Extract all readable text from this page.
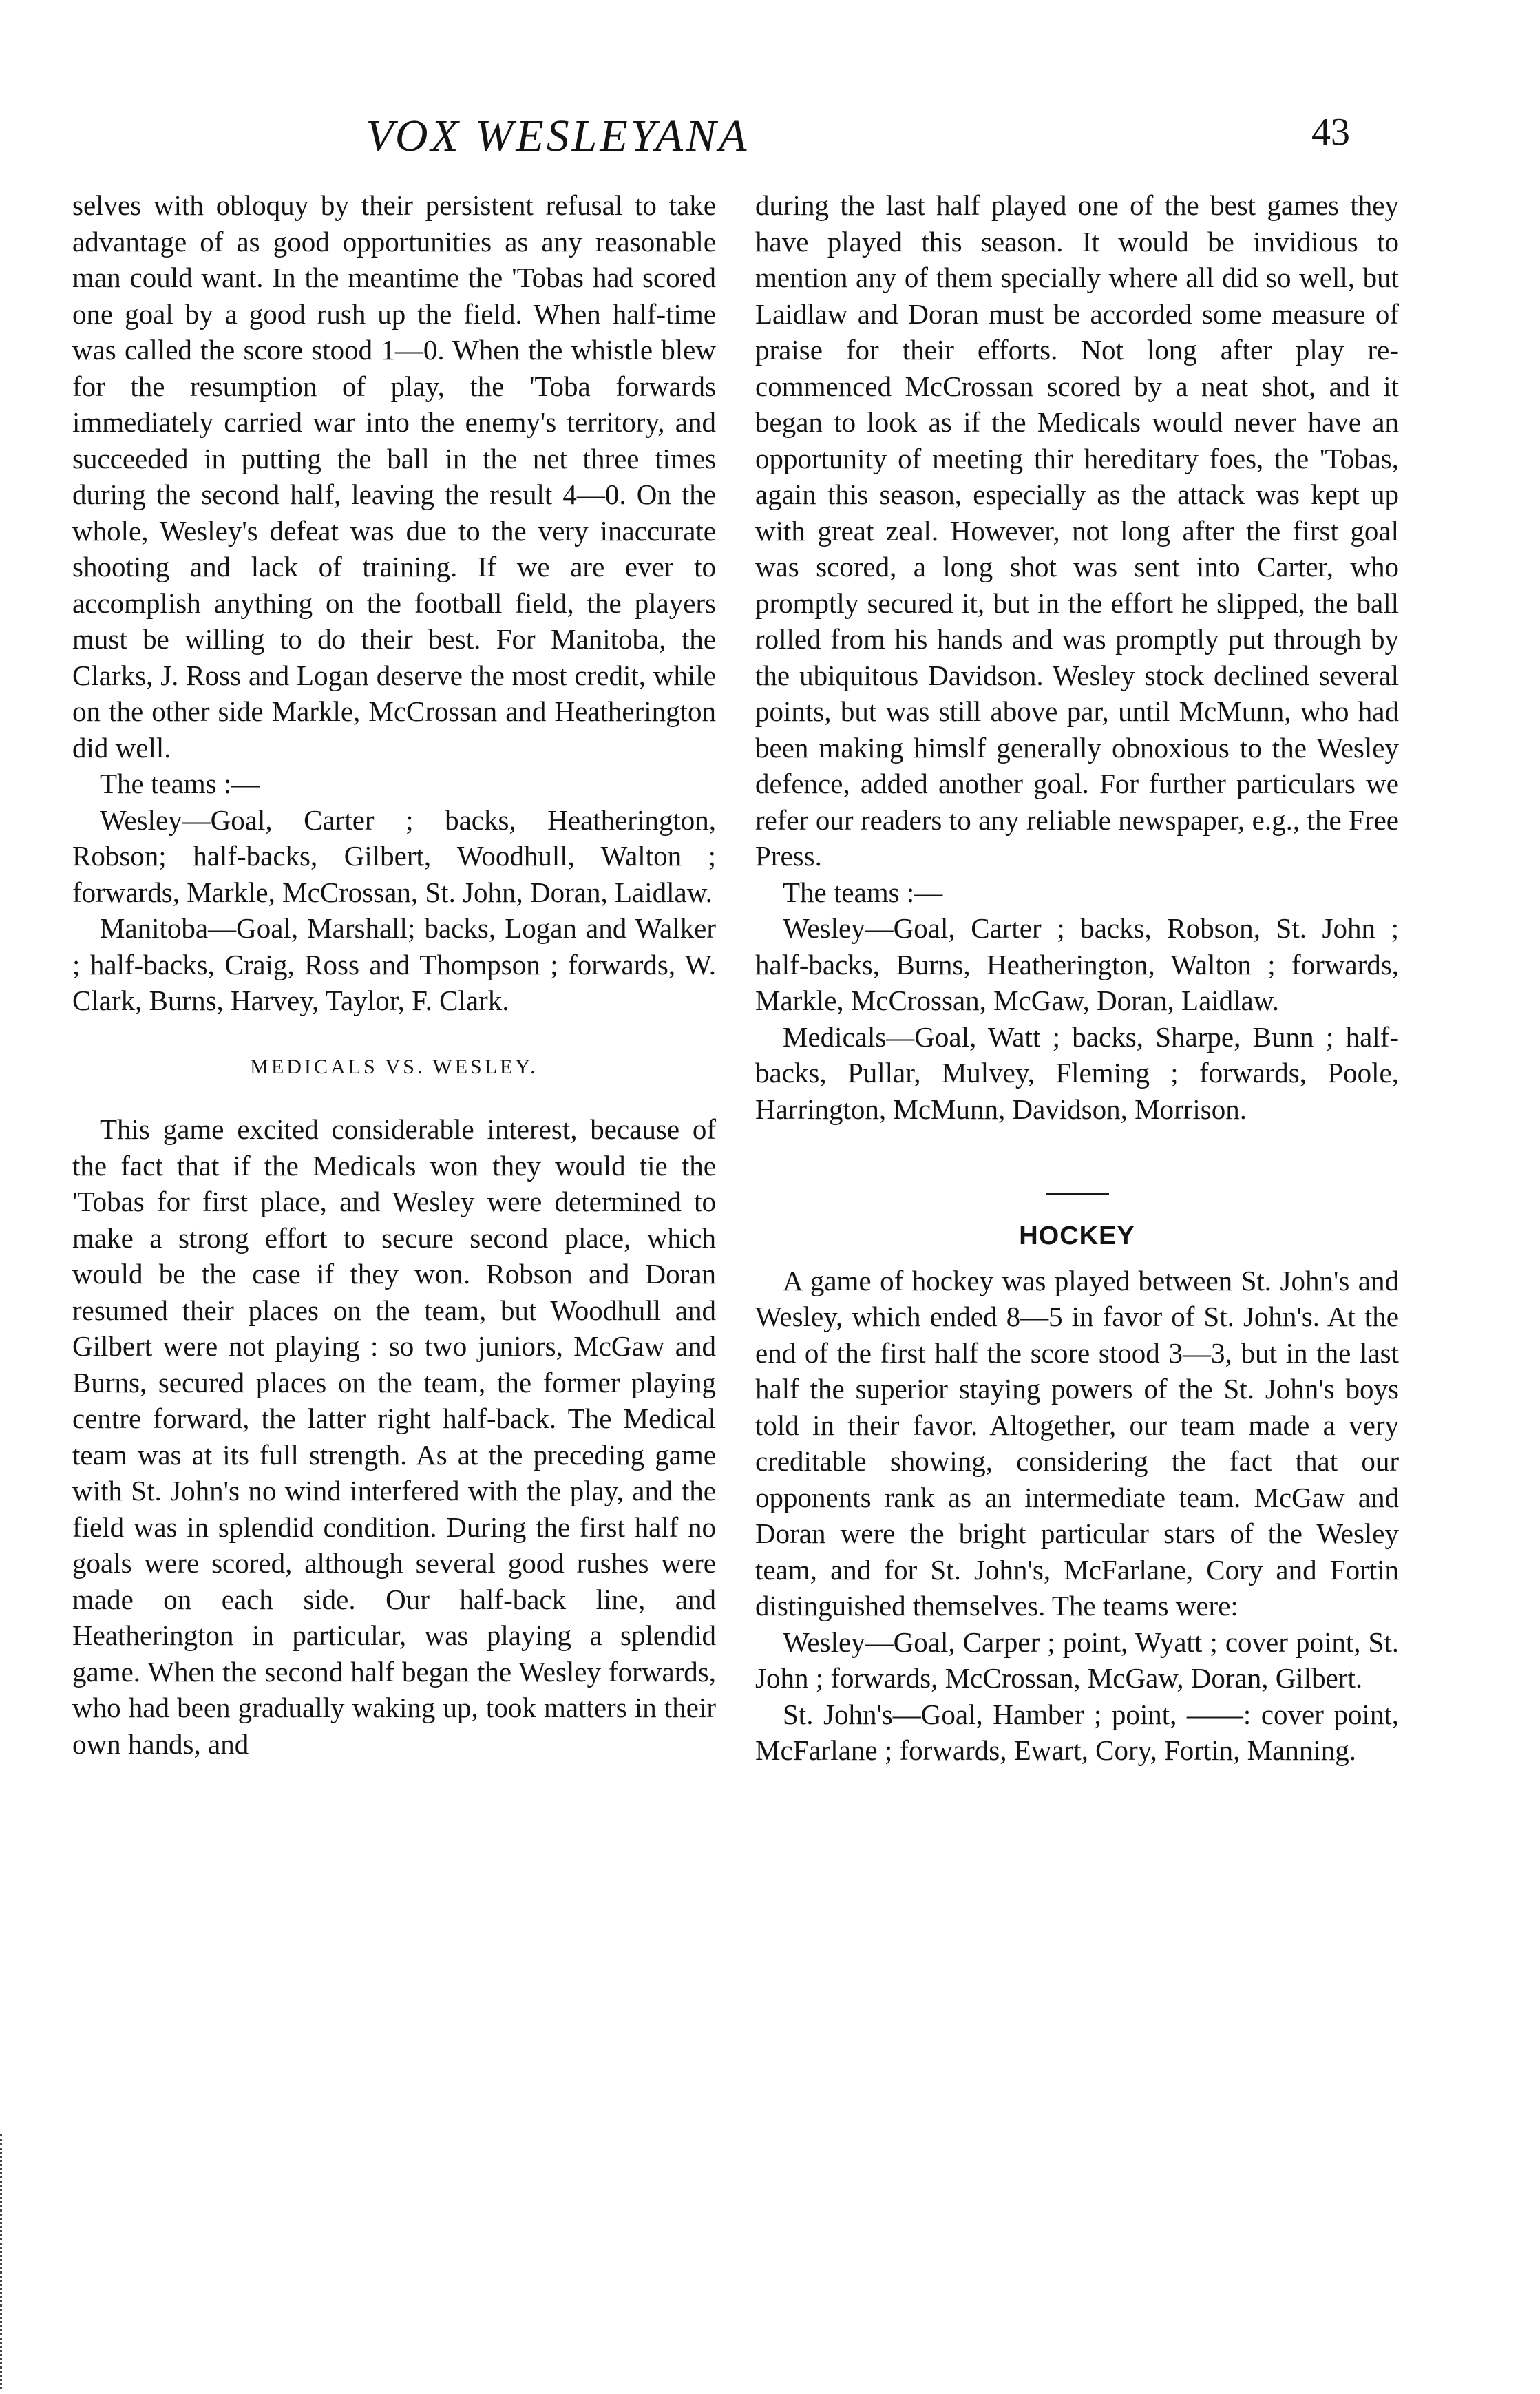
VOX WESLEYANA	43

selves with obloquy by their persistent refusal to take advantage of as good opportunities as any reasonable man could want. In the meantime the 'Tobas had scored one goal by a good rush up the field. When half-time was called the score stood 1—0. When the whistle blew for the resumption of play, the 'Toba forwards immediately carried war into the enemy's territory, and succeeded in putting the ball in the net three times during the second half, leaving the result 4—0. On the whole, Wesley's defeat was due to the very inaccurate shooting and lack of training. If we are ever to accomplish anything on the football field, the players must be willing to do their best. For Manitoba, the Clarks, J. Ross and Logan deserve the most credit, while on the other side Markle, McCrossan and Heatherington did well.

The teams :—

Wesley—Goal, Carter ; backs, Heatherington, Robson; half-backs, Gilbert, Woodhull, Walton ; forwards, Markle, McCrossan, St. John, Doran, Laidlaw.

Manitoba—Goal, Marshall; backs, Logan and Walker ; half-backs, Craig, Ross and Thompson ; forwards, W. Clark, Burns, Harvey, Taylor, F. Clark.

MEDICALS VS. WESLEY.

This game excited considerable interest, because of the fact that if the Medicals won they would tie the 'Tobas for first place, and Wesley were determined to make a strong effort to secure second place, which would be the case if they won. Robson and Doran resumed their places on the team, but Woodhull and Gilbert were not playing : so two juniors, McGaw and Burns, secured places on the team, the former playing centre forward, the latter right half-back. The Medical team was at its full strength. As at the preceding game with St. John's no wind interfered with the play, and the field was in splendid condition. During the first half no goals were scored, although several good rushes were made on each side. Our half-back line, and Heatherington in particular, was playing a splendid game. When the second half began the Wesley forwards, who had been gradually waking up, took matters in their own hands, and

during the last half played one of the best games they have played this season. It would be invidious to mention any of them specially where all did so well, but Laidlaw and Doran must be accorded some measure of praise for their efforts. Not long after play re-commenced McCrossan scored by a neat shot, and it began to look as if the Medicals would never have an opportunity of meeting thir hereditary foes, the 'Tobas, again this season, especially as the attack was kept up with great zeal. However, not long after the first goal was scored, a long shot was sent into Carter, who promptly secured it, but in the effort he slipped, the ball rolled from his hands and was promptly put through by the ubiquitous Davidson. Wesley stock declined several points, but was still above par, until McMunn, who had been making himslf generally obnoxious to the Wesley defence, added another goal. For further particulars we refer our readers to any reliable newspaper, e.g., the Free Press.

The teams :—

Wesley—Goal, Carter ; backs, Robson, St. John ; half-backs, Burns, Heatherington, Walton ; forwards, Markle, McCrossan, McGaw, Doran, Laidlaw.

Medicals—Goal, Watt ; backs, Sharpe, Bunn ; half-backs, Pullar, Mulvey, Fleming ; forwards, Poole, Harrington, McMunn, Davidson, Morrison.

HOCKEY

A game of hockey was played between St. John's and Wesley, which ended 8—5 in favor of St. John's. At the end of the first half the score stood 3—3, but in the last half the superior staying powers of the St. John's boys told in their favor. Altogether, our team made a very creditable showing, considering the fact that our opponents rank as an intermediate team. McGaw and Doran were the bright particular stars of the Wesley team, and for St. John's, McFarlane, Cory and Fortin distinguished themselves. The teams were:

Wesley—Goal, Carper ; point, Wyatt ; cover point, St. John ; forwards, McCrossan, McGaw, Doran, Gilbert.

St. John's—Goal, Hamber ; point, ——: cover point, McFarlane ; forwards, Ewart, Cory, Fortin, Manning.
